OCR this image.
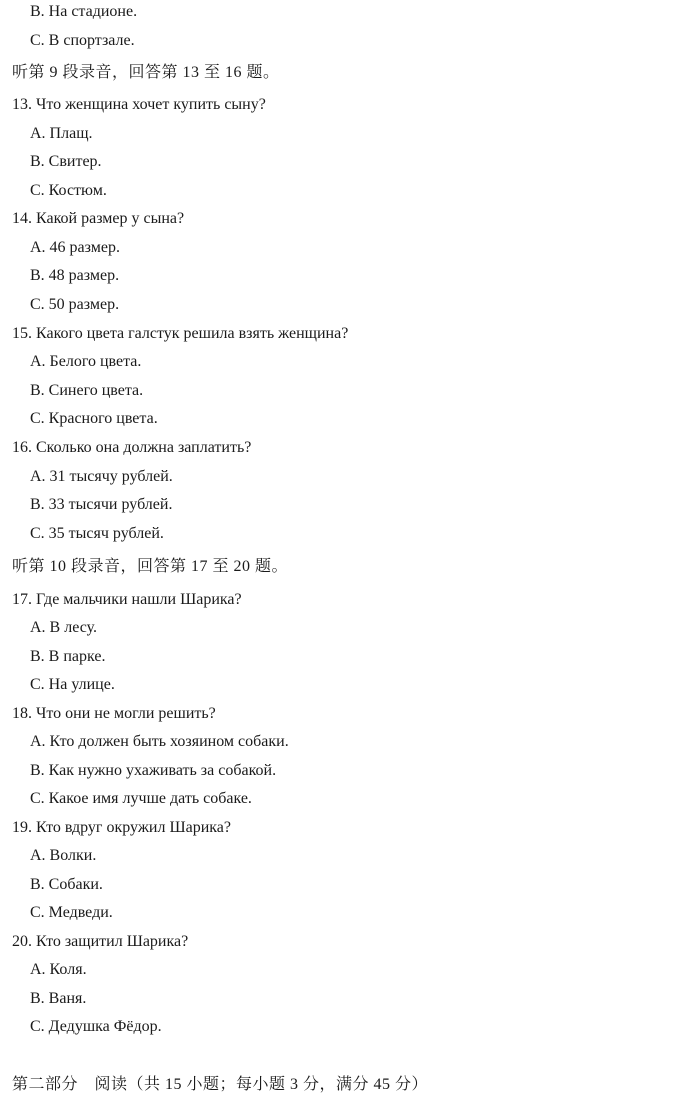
B. На стадионе.
C. В спортзале.
听第 9 段录音，回答第 13 至 16 题。
13. Что женщина хочет купить сыну?
A. Плащ.
B. Свитер.
C. Костюм.
14. Какой размер у сына?
A. 46 размер.
B. 48 размер.
C. 50 размер.
15. Какого цвета галстук решила взять женщина?
A. Белого цвета.
B. Синего цвета.
C. Красного цвета.
16. Сколько она должна заплатить?
A. 31 тысячу рублей.
B. 33 тысячи рублей.
C. 35 тысяч рублей.
听第 10 段录音，回答第 17 至 20 题。
17. Где мальчики нашли Шарика?
A. В лесу.
B. В парке.
C. На улице.
18. Что они не могли решить?
A. Кто должен быть хозяином собаки.
B. Как нужно ухаживать за собакой.
C. Какое имя лучше дать собаке.
19. Кто вдруг окружил Шарика?
A. Волки.
B. Собаки.
C. Медведи.
20. Кто защитил Шарика?
A. Коля.
B. Ваня.
C. Дедушка Фёдор.
第二部分　阅读（共 15 小题；每小题 3 分，满分 45 分）
